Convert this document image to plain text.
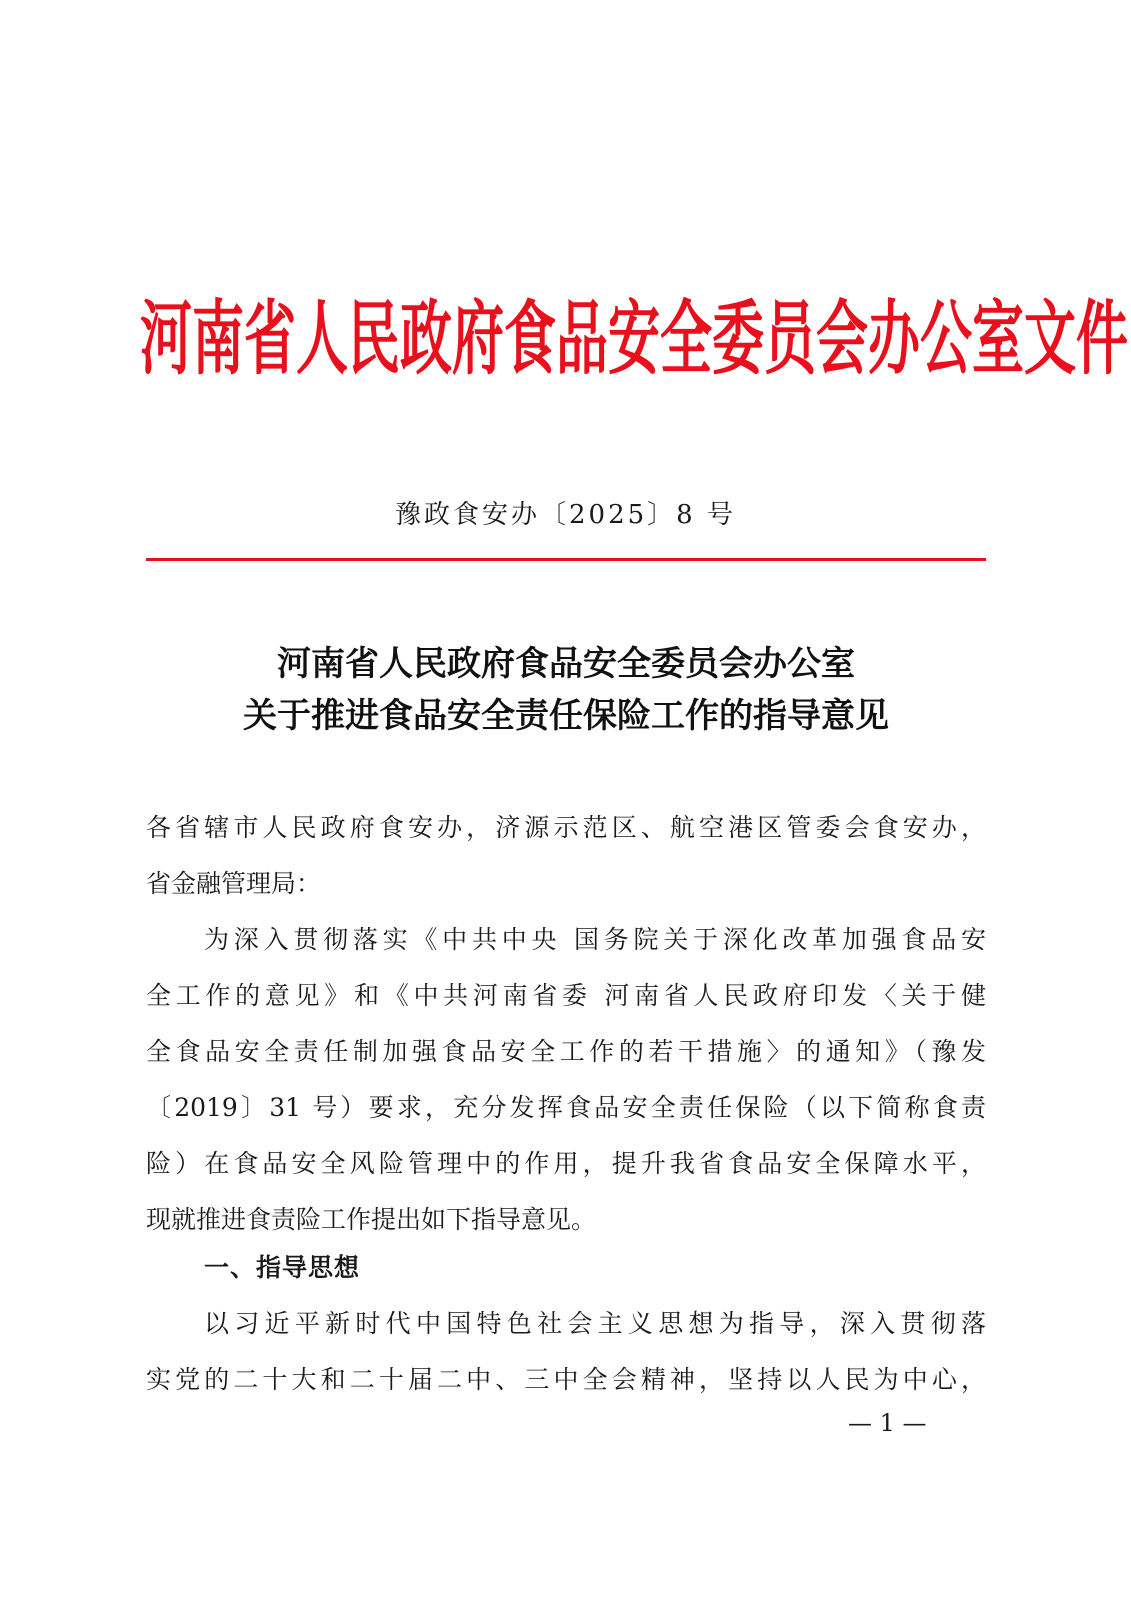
河南省人民政府食品安全委员会办公室文件
豫政食安办〔2025〕8 号
河南省人民政府食品安全委员会办公室
关于推进食品安全责任保险工作的指导意见
各省辖市人民政府食安办，济源示范区、航空港区管委会食安办，
省金融管理局：
为深入贯彻落实《中共中央 国务院关于深化改革加强食品安
全工作的意见》和《中共河南省委 河南省人民政府印发〈关于健
全食品安全责任制加强食品安全工作的若干措施〉的通知》（豫发
〔2019〕31 号）要求，充分发挥食品安全责任保险（以下简称食责
险）在食品安全风险管理中的作用，提升我省食品安全保障水平，
现就推进食责险工作提出如下指导意见。
一、指导思想
以习近平新时代中国特色社会主义思想为指导，深入贯彻落
实党的二十大和二十届二中、三中全会精神，坚持以人民为中心，
— 1 —
